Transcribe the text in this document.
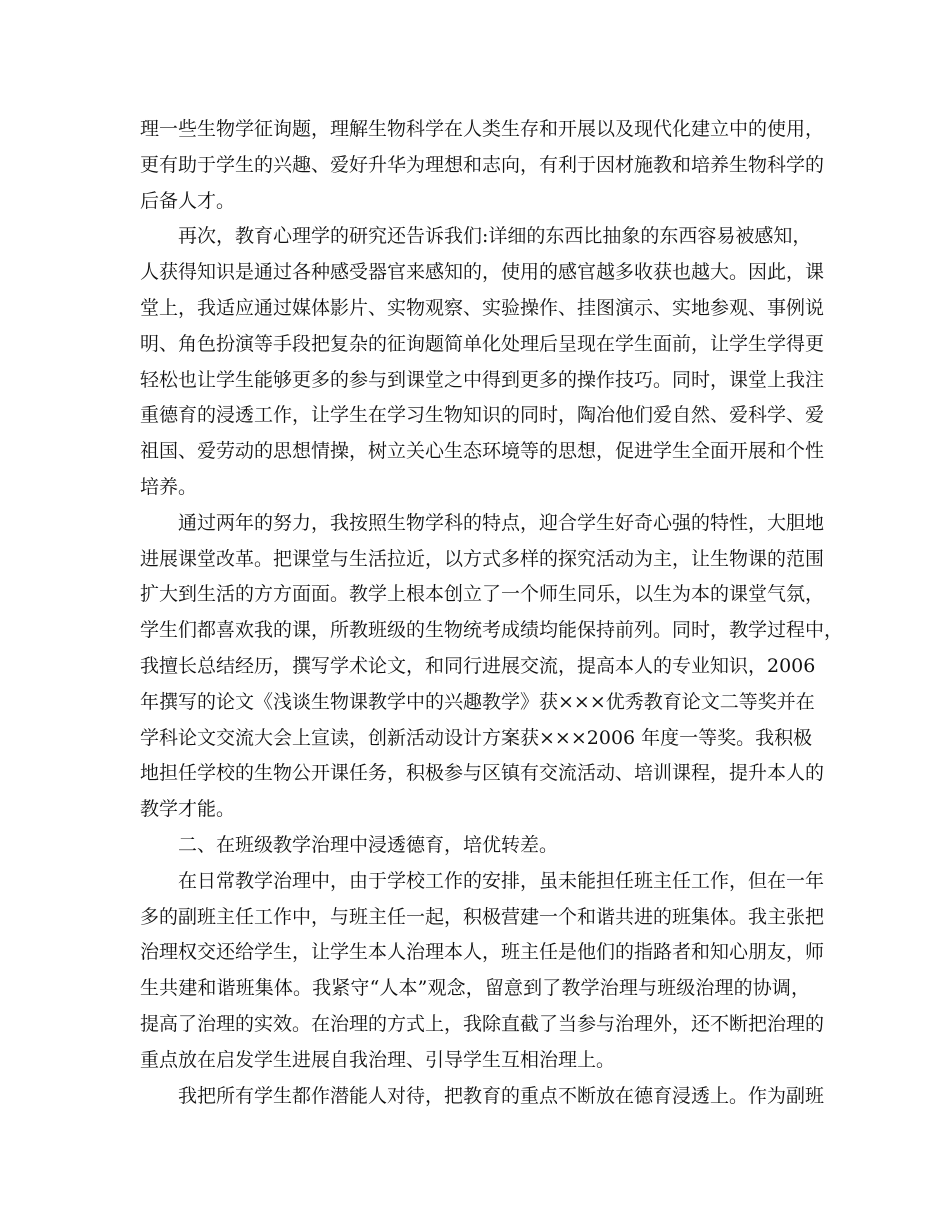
理一些生物学征询题，理解生物科学在人类生存和开展以及现代化建立中的使用，
更有助于学生的兴趣、爱好升华为理想和志向，有利于因材施教和培养生物科学的
后备人才。
再次，教育心理学的研究还告诉我们:详细的东西比抽象的东西容易被感知，
人获得知识是通过各种感受器官来感知的，使用的感官越多收获也越大。因此，课
堂上，我适应通过媒体影片、实物观察、实验操作、挂图演示、实地参观、事例说
明、角色扮演等手段把复杂的征询题简单化处理后呈现在学生面前，让学生学得更
轻松也让学生能够更多的参与到课堂之中得到更多的操作技巧。同时，课堂上我注
重德育的浸透工作，让学生在学习生物知识的同时，陶冶他们爱自然、爱科学、爱
祖国、爱劳动的思想情操，树立关心生态环境等的思想，促进学生全面开展和个性
培养。
通过两年的努力，我按照生物学科的特点，迎合学生好奇心强的特性，大胆地
进展课堂改革。把课堂与生活拉近，以方式多样的探究活动为主，让生物课的范围
扩大到生活的方方面面。教学上根本创立了一个师生同乐，以生为本的课堂气氛，
学生们都喜欢我的课，所教班级的生物统考成绩均能保持前列。同时，教学过程中，
我擅长总结经历，撰写学术论文，和同行进展交流，提高本人的专业知识，2006
年撰写的论文《浅谈生物课教学中的兴趣教学》获×××优秀教育论文二等奖并在
学科论文交流大会上宣读，创新活动设计方案获×××2006 年度一等奖。我积极
地担任学校的生物公开课任务，积极参与区镇有交流活动、培训课程，提升本人的
教学才能。
二、在班级教学治理中浸透德育，培优转差。
在日常教学治理中，由于学校工作的安排，虽未能担任班主任工作，但在一年
多的副班主任工作中，与班主任一起，积极营建一个和谐共进的班集体。我主张把
治理权交还给学生，让学生本人治理本人，班主任是他们的指路者和知心朋友，师
生共建和谐班集体。我紧守“人本”观念，留意到了教学治理与班级治理的协调，
提高了治理的实效。在治理的方式上，我除直截了当参与治理外，还不断把治理的
重点放在启发学生进展自我治理、引导学生互相治理上。
我把所有学生都作潜能人对待，把教育的重点不断放在德育浸透上。作为副班
